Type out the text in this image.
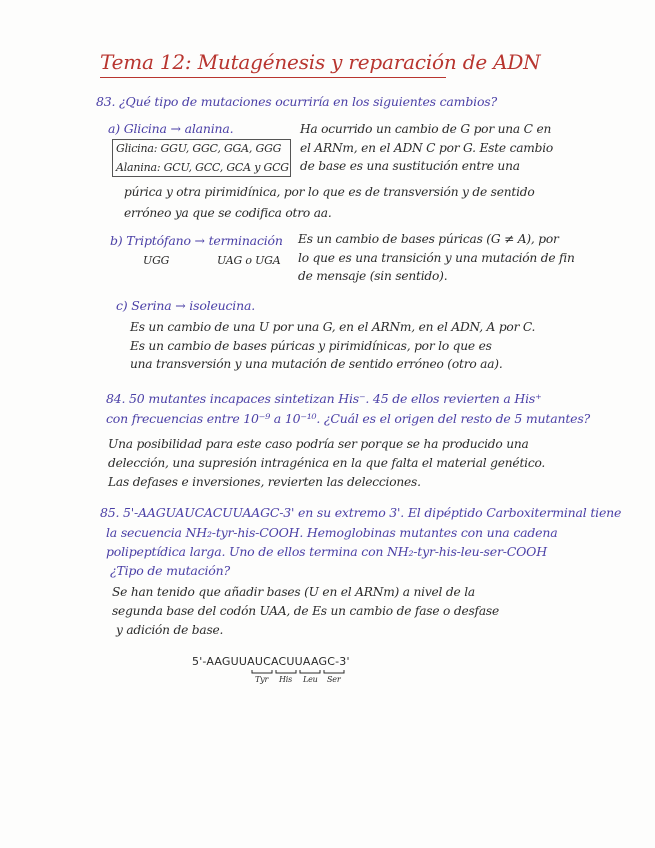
Tema 12: Mutagénesis y reparación de ADN
83. ¿Qué tipo de mutaciones ocurriría en los siguientes cambios?
a) Glicina → alanina.
Glicina: GGU, GGC, GGA, GGG
Alanina: GCU, GCC, GCA y GCG
Ha ocurrido un cambio de G por una C en
el ARNm, en el ADN C por G. Este cambio
de base es una sustitución entre una
púrica y otra pirimidínica, por lo que es de transversión y de sentido
erróneo ya que se codifica otro aa.
b) Triptófano → terminación
UGG	UAG o UGA
Es un cambio de bases púricas (G ≠ A), por
lo que es una transición y una mutación de fin
de mensaje (sin sentido).
c) Serina → isoleucina.
Es un cambio de una U por una G, en el ARNm, en el ADN, A por C.
Es un cambio de bases púricas y pirimidínicas, por lo que es
una transversión y una mutación de sentido erróneo (otro aa).
84. 50 mutantes incapaces sintetizan His⁻. 45 de ellos revierten a His⁺
con frecuencias entre 10⁻⁹ a 10⁻¹⁰. ¿Cuál es el origen del resto de 5 mutantes?
Una posibilidad para este caso podría ser porque se ha producido una
delección, una supresión intragénica en la que falta el material genético.
Las defases e inversiones, revierten las delecciones.
85. 5'-AAGUAUCACUUAAGC-3' en su extremo 3'. El dipéptido Carboxiterminal tiene
la secuencia NH₂-tyr-his-COOH. Hemoglobinas mutantes con una cadena
polipeptídica larga. Uno de ellos termina con NH₂-tyr-his-leu-ser-COOH
¿Tipo de mutación?
Se han tenido que añadir bases (U en el ARNm) a nivel de la
segunda base del codón UAA, de Es un cambio de fase o desfase
y adición de base.
5'-AAGUUAUCACUUAAGC-3'
Tyr His Leu Ser
